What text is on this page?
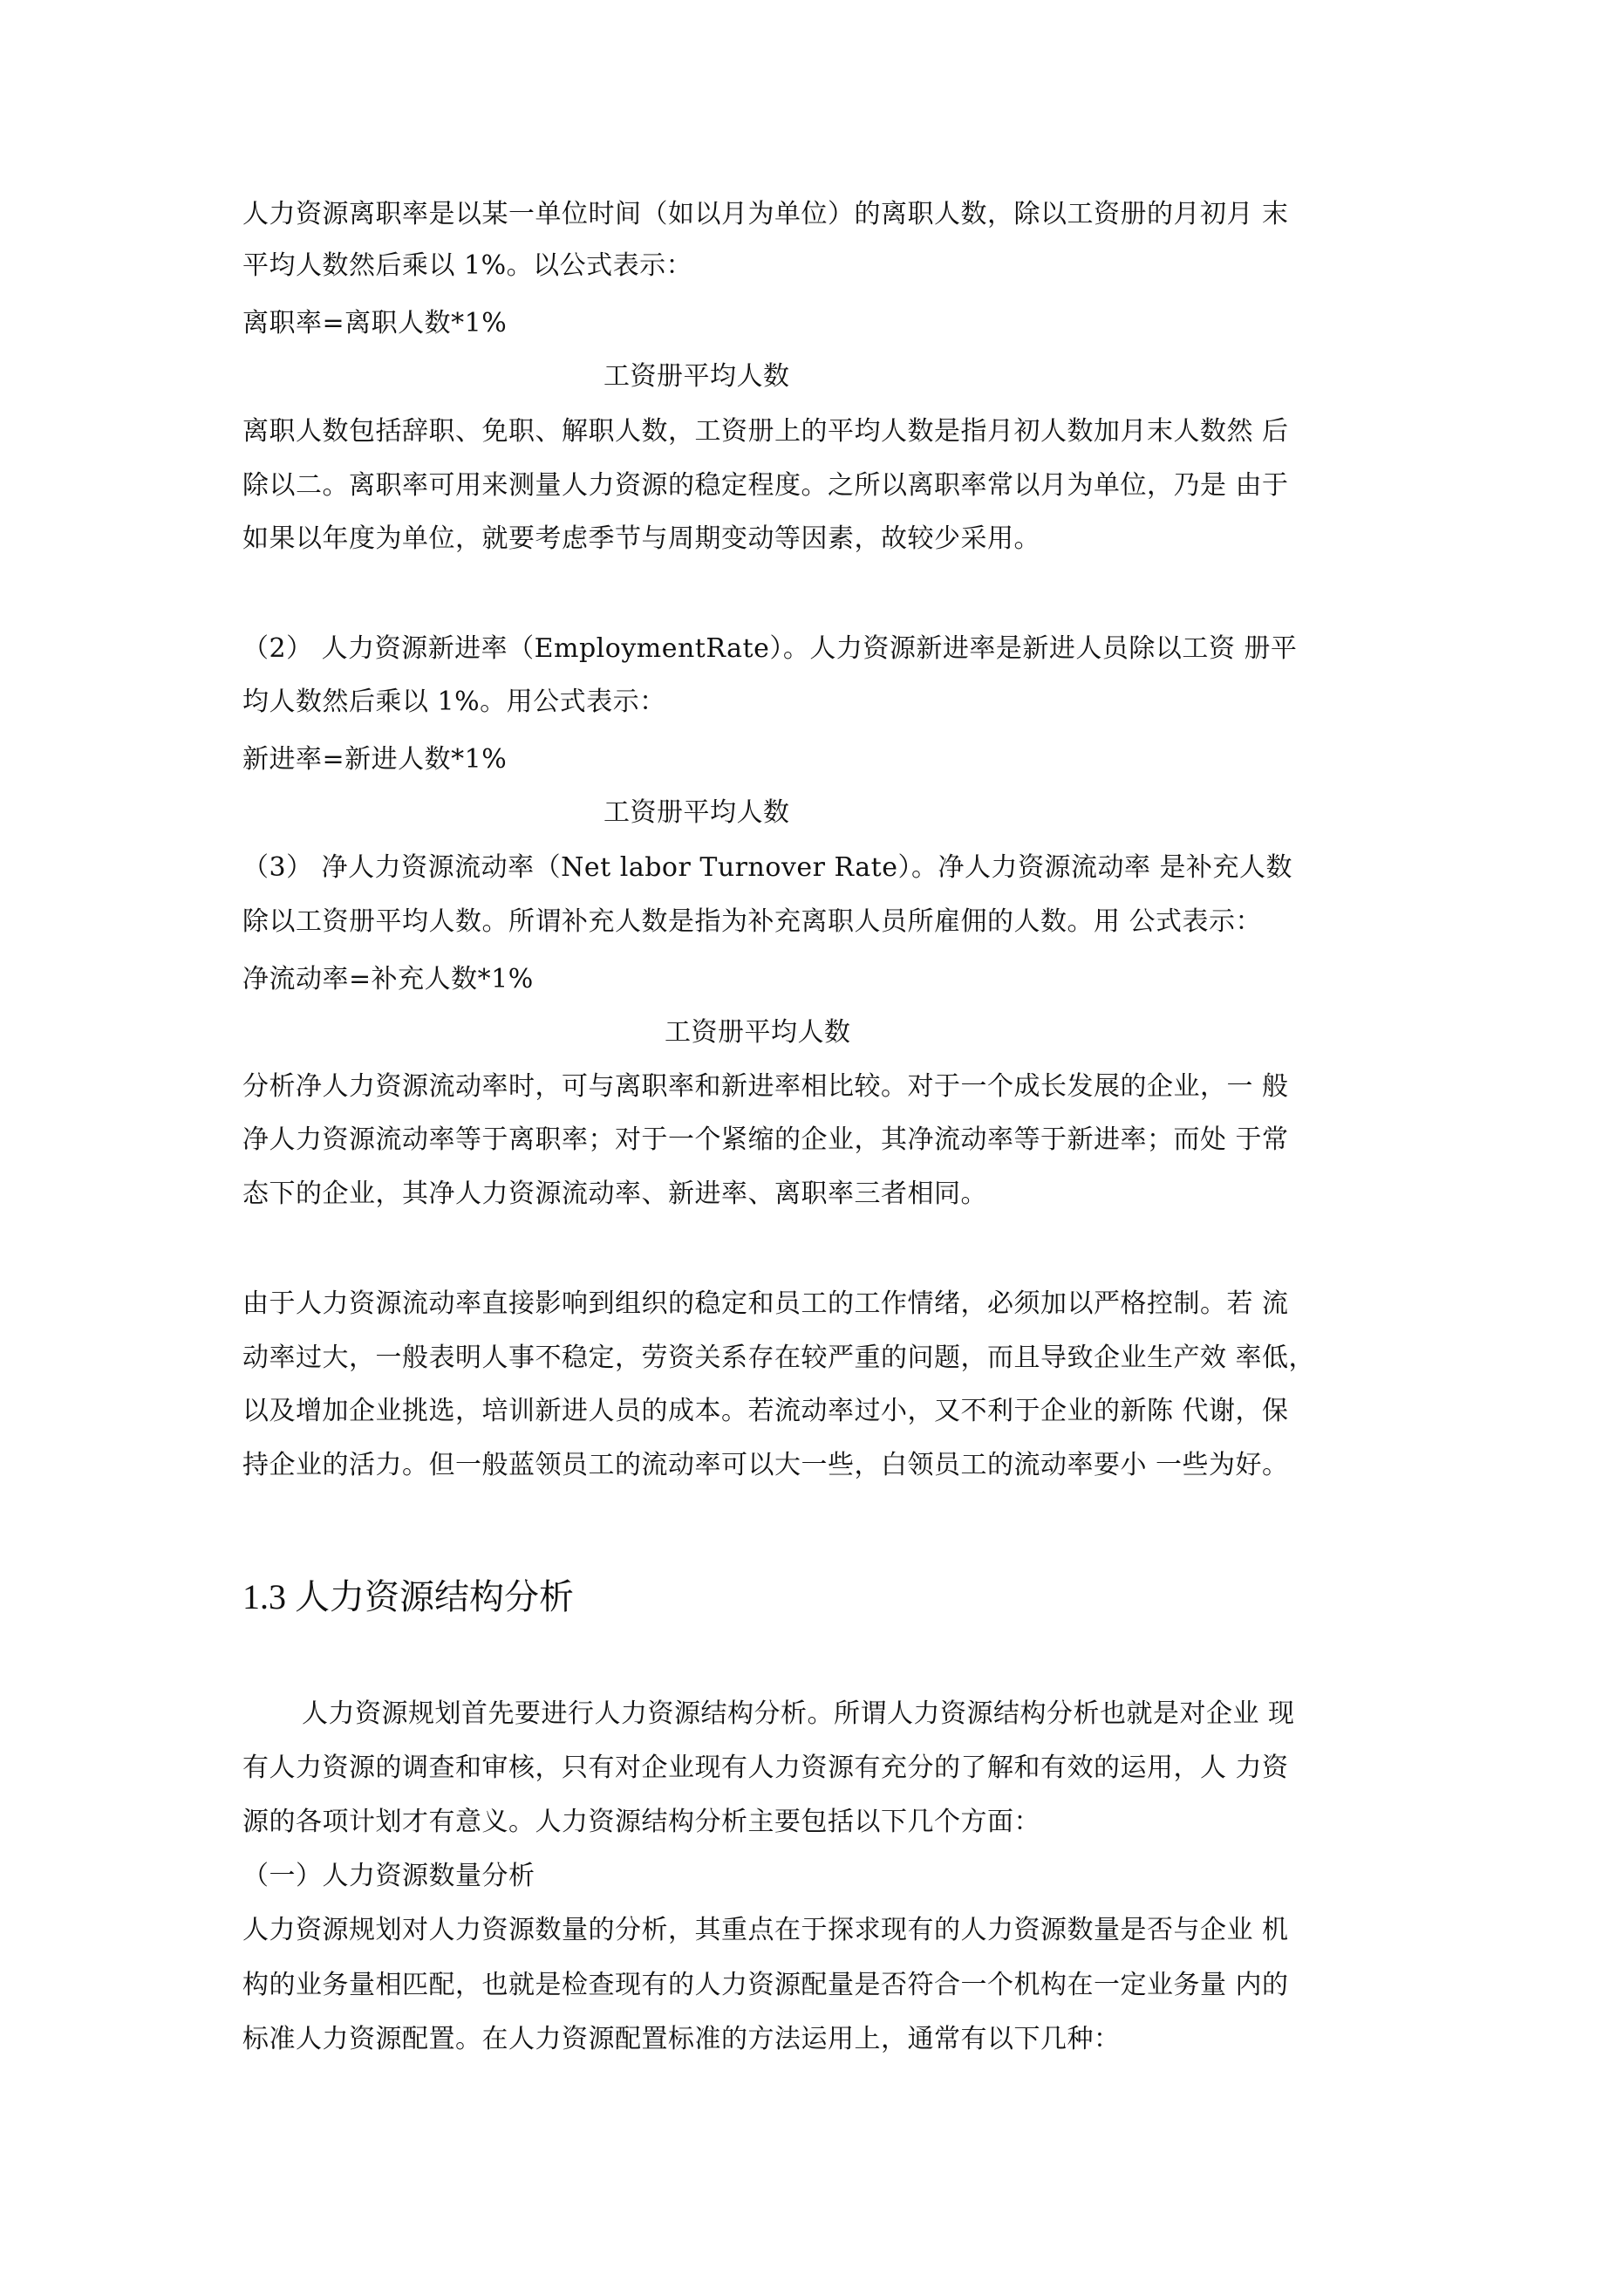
人力资源离职率是以某一单位时间（如以月为单位）的离职人数，除以工资册的月初月 末
平均人数然后乘以 1%。以公式表示：
离职率=离职人数*1%
工资册平均人数
离职人数包括辞职、免职、解职人数，工资册上的平均人数是指月初人数加月末人数然 后
除以二。离职率可用来测量人力资源的稳定程度。之所以离职率常以月为单位，乃是 由于
如果以年度为单位，就要考虑季节与周期变动等因素，故较少采用。
（2） 人力资源新进率（EmploymentRate）。人力资源新进率是新进人员除以工资 册平
均人数然后乘以 1%。用公式表示：
新进率=新进人数*1%
工资册平均人数
（3） 净人力资源流动率（Net labor Turnover Rate）。净人力资源流动率 是补充人数
除以工资册平均人数。所谓补充人数是指为补充离职人员所雇佣的人数。用 公式表示：
净流动率=补充人数*1%
工资册平均人数
分析净人力资源流动率时，可与离职率和新进率相比较。对于一个成长发展的企业，一 般
净人力资源流动率等于离职率；对于一个紧缩的企业，其净流动率等于新进率；而处 于常
态下的企业，其净人力资源流动率、新进率、离职率三者相同。
由于人力资源流动率直接影响到组织的稳定和员工的工作情绪，必须加以严格控制。若 流
动率过大，一般表明人事不稳定，劳资关系存在较严重的问题，而且导致企业生产效 率低，
以及增加企业挑选，培训新进人员的成本。若流动率过小，又不利于企业的新陈 代谢，保
持企业的活力。但一般蓝领员工的流动率可以大一些，白领员工的流动率要小 一些为好。
1.3 人力资源结构分析
人力资源规划首先要进行人力资源结构分析。所谓人力资源结构分析也就是对企业 现
有人力资源的调查和审核，只有对企业现有人力资源有充分的了解和有效的运用，人 力资
源的各项计划才有意义。人力资源结构分析主要包括以下几个方面：
（一）人力资源数量分析
人力资源规划对人力资源数量的分析，其重点在于探求现有的人力资源数量是否与企业 机
构的业务量相匹配，也就是检查现有的人力资源配量是否符合一个机构在一定业务量 内的
标准人力资源配置。在人力资源配置标准的方法运用上，通常有以下几种：
